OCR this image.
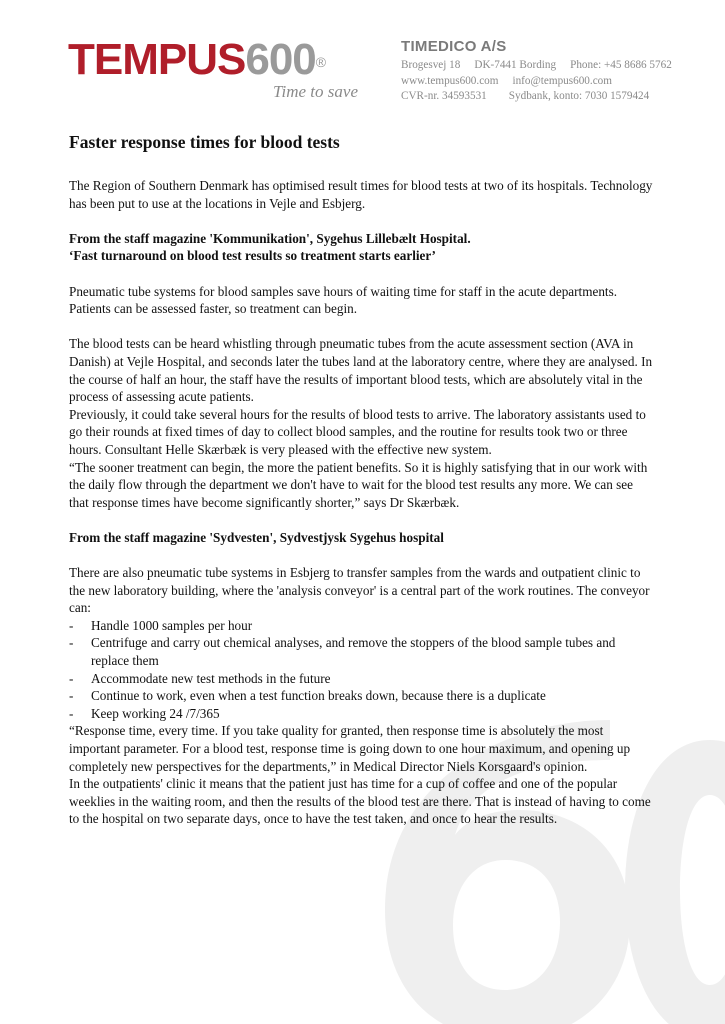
TEMPUS600®
Time to save
TIMEDICO A/S
Brogesvej 18 DK-7441 Bording Phone: +45 8686 5762
www.tempus600.com info@tempus600.com
CVR-nr. 34593531 Sydbank, konto: 7030 1579424
Faster response times for blood tests

The Region of Southern Denmark has optimised result times for blood tests at two of its hospitals. Technology has been put to use at the locations in Vejle and Esbjerg.

From the staff magazine 'Kommunikation', Sygehus Lillebælt Hospital.

‘Fast turnaround on blood test results so treatment starts earlier’

Pneumatic tube systems for blood samples save hours of waiting time for staff in the acute departments. Patients can be assessed faster, so treatment can begin.

The blood tests can be heard whistling through pneumatic tubes from the acute assessment section (AVA in Danish) at Vejle Hospital, and seconds later the tubes land at the laboratory centre, where they are analysed. In the course of half an hour, the staff have the results of important blood tests, which are absolutely vital in the process of assessing acute patients.

Previously, it could take several hours for the results of blood tests to arrive. The laboratory assistants used to go their rounds at fixed times of day to collect blood samples, and the routine for results took two or three hours. Consultant Helle Skærbæk is very pleased with the effective new system.

“The sooner treatment can begin, the more the patient benefits. So it is highly satisfying that in our work with the daily flow through the department we don't have to wait for the blood test results any more. We can see that response times have become significantly shorter,” says Dr Skærbæk.

From the staff magazine 'Sydvesten', Sydvestjysk Sygehus hospital

There are also pneumatic tube systems in Esbjerg to transfer samples from the wards and outpatient clinic to the new laboratory building, where the 'analysis conveyor' is a central part of the work routines. The conveyor can:

- Handle 1000 samples per hour
- Centrifuge and carry out chemical analyses, and remove the stoppers of the blood sample tubes and replace them
- Accommodate new test methods in the future
- Continue to work, even when a test function breaks down, because there is a duplicate
- Keep working 24 /7/365

“Response time, every time. If you take quality for granted, then response time is absolutely the most important parameter. For a blood test, response time is going down to one hour maximum, and opening up completely new perspectives for the departments,” in Medical Director Niels Korsgaard's opinion.

In the outpatients' clinic it means that the patient just has time for a cup of coffee and one of the popular weeklies in the waiting room, and then the results of the blood test are there. That is instead of having to come to the hospital on two separate days, once to have the test taken, and once to hear the results.
